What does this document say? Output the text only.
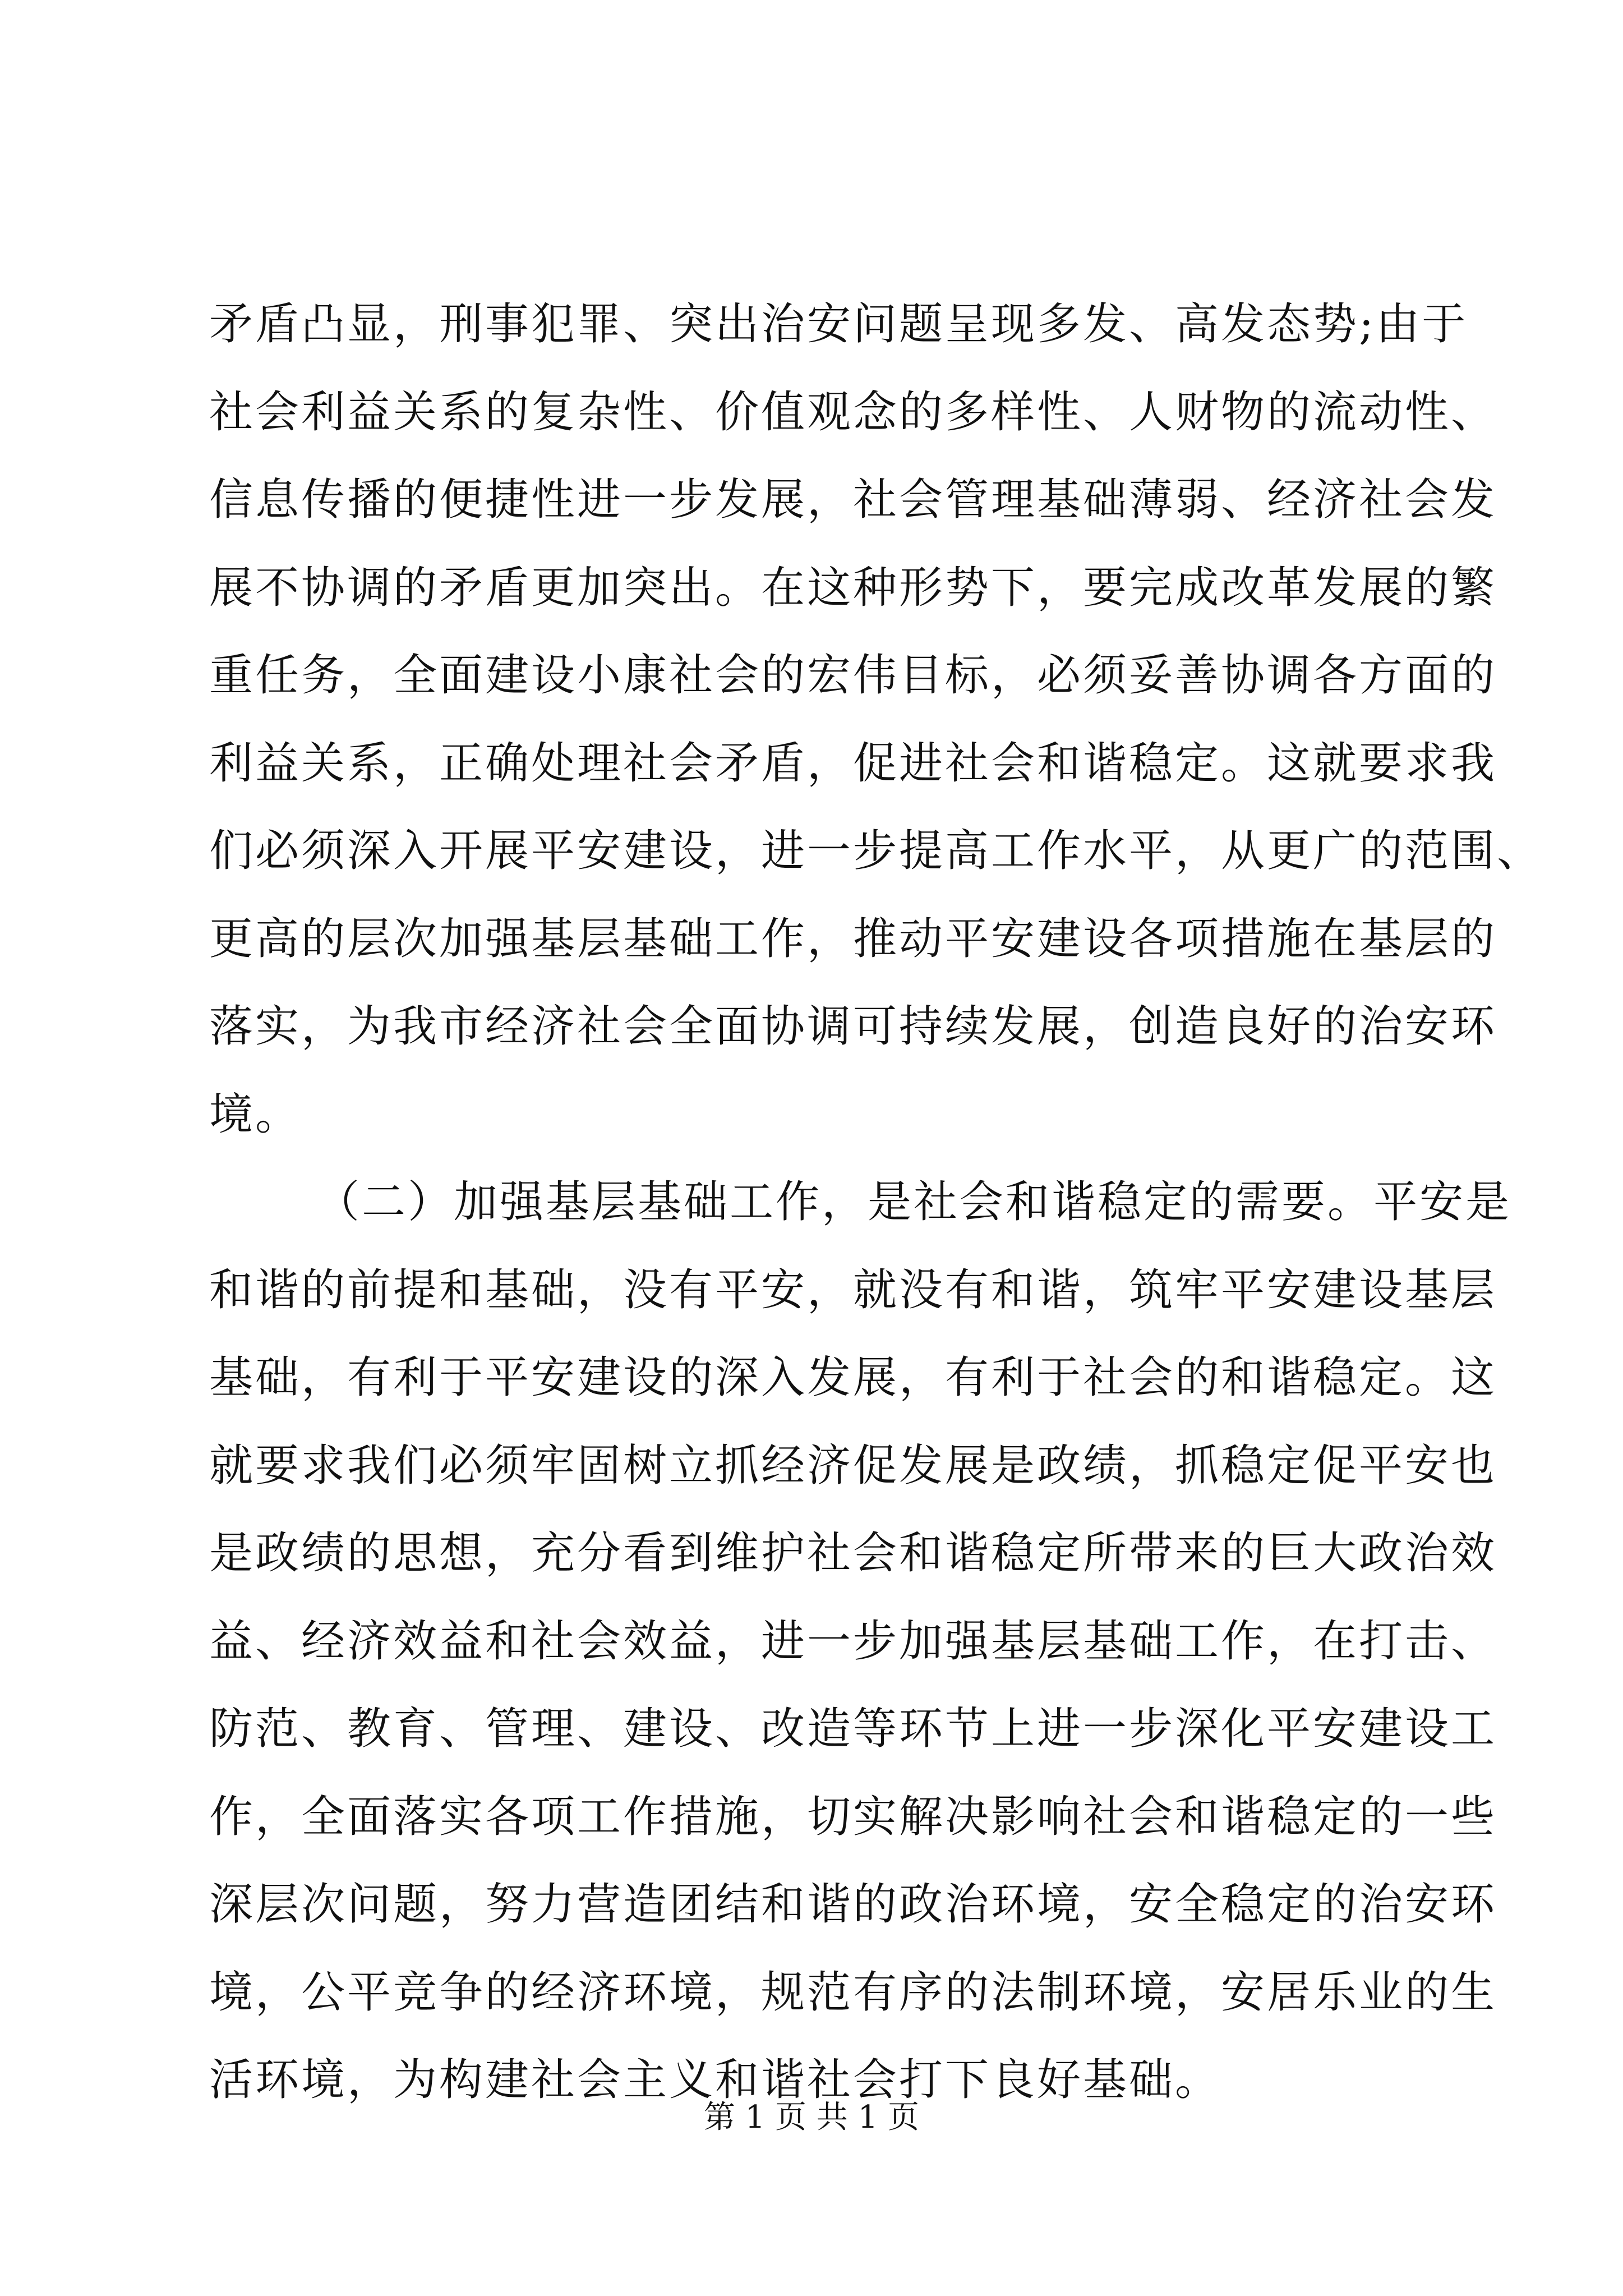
矛盾凸显，刑事犯罪、突出治安问题呈现多发、高发态势;由于
社会利益关系的复杂性、价值观念的多样性、人财物的流动性、
信息传播的便捷性进一步发展，社会管理基础薄弱、经济社会发
展不协调的矛盾更加突出。在这种形势下，要完成改革发展的繁
重任务，全面建设小康社会的宏伟目标，必须妥善协调各方面的
利益关系，正确处理社会矛盾，促进社会和谐稳定。这就要求我
们必须深入开展平安建设，进一步提高工作水平，从更广的范围、
更高的层次加强基层基础工作，推动平安建设各项措施在基层的
落实，为我市经济社会全面协调可持续发展，创造良好的治安环
境。
（二）加强基层基础工作，是社会和谐稳定的需要。平安是
和谐的前提和基础，没有平安，就没有和谐，筑牢平安建设基层
基础，有利于平安建设的深入发展，有利于社会的和谐稳定。这
就要求我们必须牢固树立抓经济促发展是政绩，抓稳定促平安也
是政绩的思想，充分看到维护社会和谐稳定所带来的巨大政治效
益、经济效益和社会效益，进一步加强基层基础工作，在打击、
防范、教育、管理、建设、改造等环节上进一步深化平安建设工
作，全面落实各项工作措施，切实解决影响社会和谐稳定的一些
深层次问题，努力营造团结和谐的政治环境，安全稳定的治安环
境，公平竞争的经济环境，规范有序的法制环境，安居乐业的生
活环境，为构建社会主义和谐社会打下良好基础。
第 1 页 共 1 页
